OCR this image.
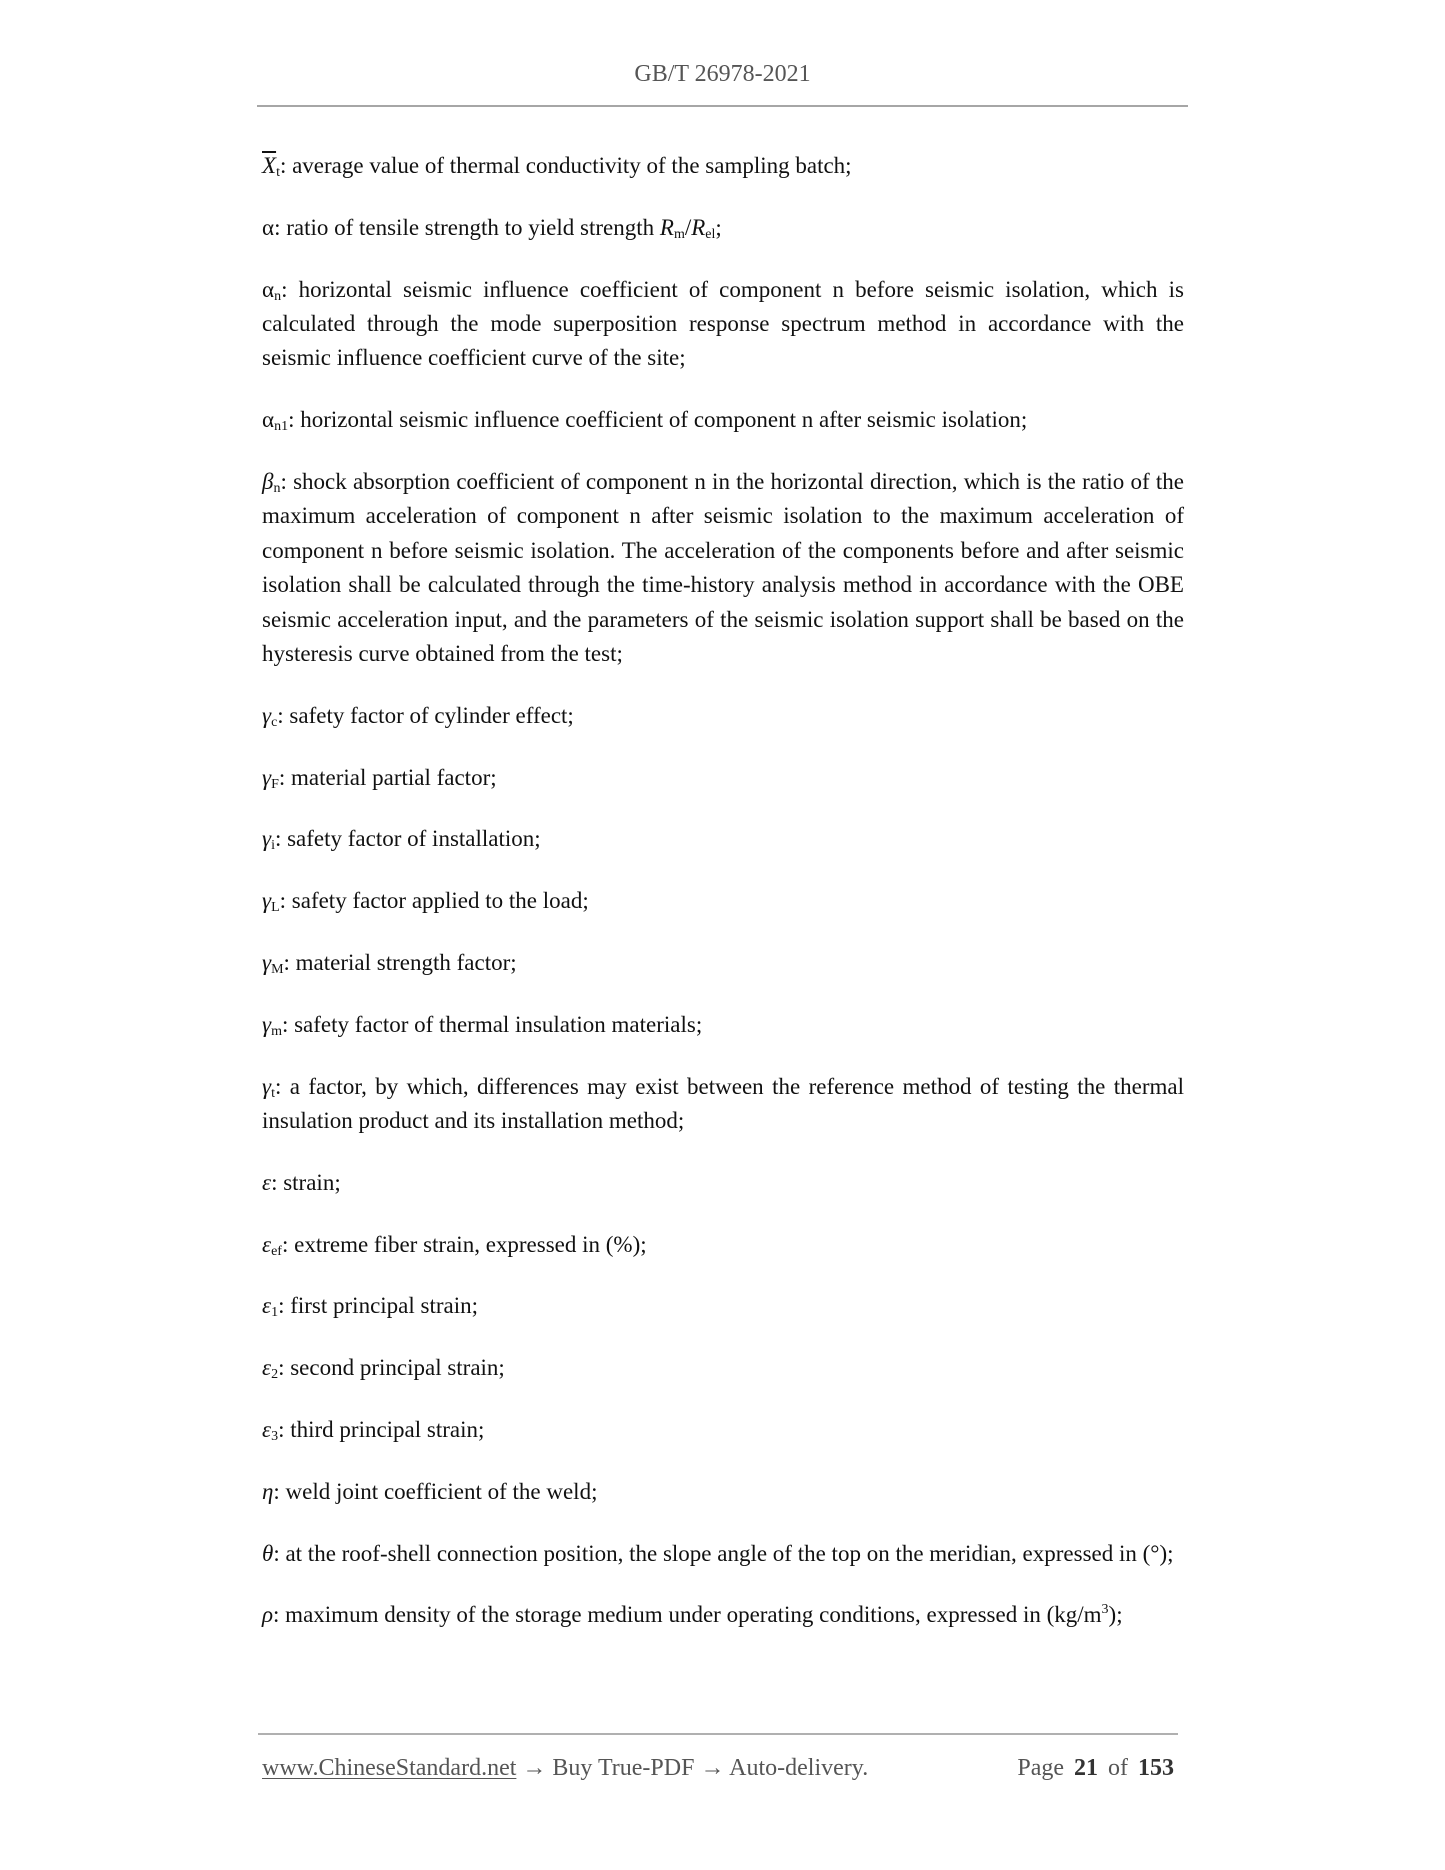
GB/T 26978-2021

$\overline{X}_t$: average value of thermal conductivity of the sampling batch;

α: ratio of tensile strength to yield strength $R_m/R_{el}$;

$\alpha_n$: horizontal seismic influence coefficient of component n before seismic isolation, which is calculated through the mode superposition response spectrum method in accordance with the seismic influence coefficient curve of the site;

$\alpha_{n1}$: horizontal seismic influence coefficient of component n after seismic isolation;

$\beta_n$: shock absorption coefficient of component n in the horizontal direction, which is the ratio of the maximum acceleration of component n after seismic isolation to the maximum acceleration of component n before seismic isolation. The acceleration of the components before and after seismic isolation shall be calculated through the time-history analysis method in accordance with the OBE seismic acceleration input, and the parameters of the seismic isolation support shall be based on the hysteresis curve obtained from the test;

$\gamma_c$: safety factor of cylinder effect;

$\gamma_F$: material partial factor;

$\gamma_i$: safety factor of installation;

$\gamma_L$: safety factor applied to the load;

$\gamma_M$: material strength factor;

$\gamma_m$: safety factor of thermal insulation materials;

$\gamma_t$: a factor, by which, differences may exist between the reference method of testing the thermal insulation product and its installation method;

ε: strain;

$\varepsilon_{ef}$: extreme fiber strain, expressed in (%);

$\varepsilon_1$: first principal strain;

$\varepsilon_2$: second principal strain;

$\varepsilon_3$: third principal strain;

η: weld joint coefficient of the weld;

θ: at the roof-shell connection position, the slope angle of the top on the meridian, expressed in (°);

ρ: maximum density of the storage medium under operating conditions, expressed in $(kg/m^3)$;

www.ChineseStandard.net → Buy True-PDF → Auto-delivery.	Page 21 of 153
